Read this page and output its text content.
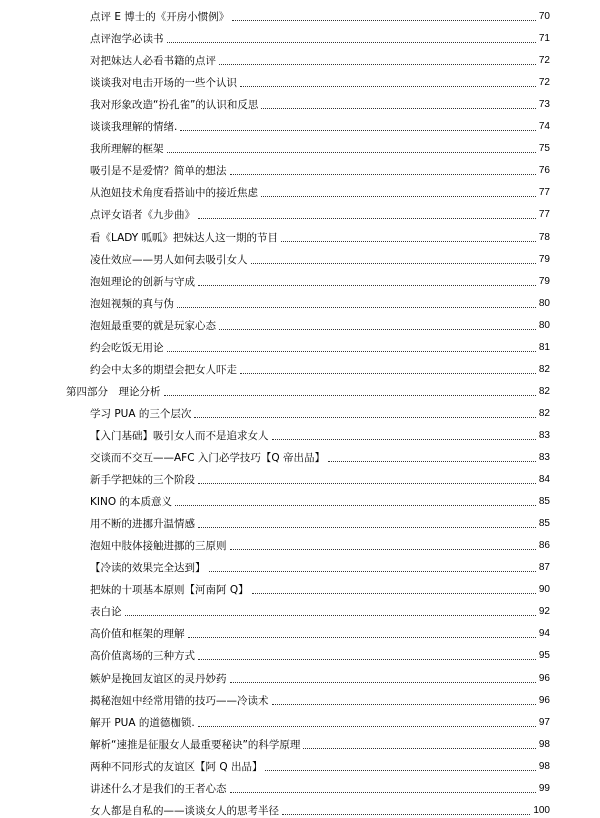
点评 E 博士的《开房小惯例》	70
点评泡学必读书	71
对把妹达人必看书籍的点评	72
谈谈我对电击开场的一些个认识	72
我对形象改造“扮孔雀”的认识和反思	73
谈谈我理解的情绪.	74
我所理解的框架	75
吸引是不是爱情？简单的想法	76
从泡妞技术角度看搭讪中的接近焦虑	77
点评女语者《九步曲》	77
看《LADY 呱呱》把妹达人这一期的节目	78
凌仕效应——男人如何去吸引女人	79
泡妞理论的创新与守成	79
泡妞视频的真与伪	80
泡妞最重要的就是玩家心态	80
约会吃饭无用论	81
约会中太多的期望会把女人吓走	82
第四部分　理论分析	82
学习 PUA 的三个层次	82
【入门基础】吸引女人而不是追求女人	83
交谈而不交互——AFC 入门必学技巧【Q 帝出品】	83
新手学把妹的三个阶段	84
KINO 的本质意义	85
用不断的进挪升温情感	85
泡妞中肢体接触进挪的三原则	86
【冷读的效果完全达到】	87
把妹的十项基本原则【河南阿 Q】	90
表白论	92
高价值和框架的理解	94
高价值离场的三种方式	95
嫉妒是挽回友谊区的灵丹妙药	96
揭秘泡妞中经常用错的技巧——冷读术	96
解开 PUA 的道德枷锁.	97
解析“速推是征服女人最重要秘诀”的科学原理	98
两种不同形式的友谊区【阿 Q 出品】	98
讲述什么才是我们的王者心态	99
女人都是自私的——谈谈女人的思考半径	100
